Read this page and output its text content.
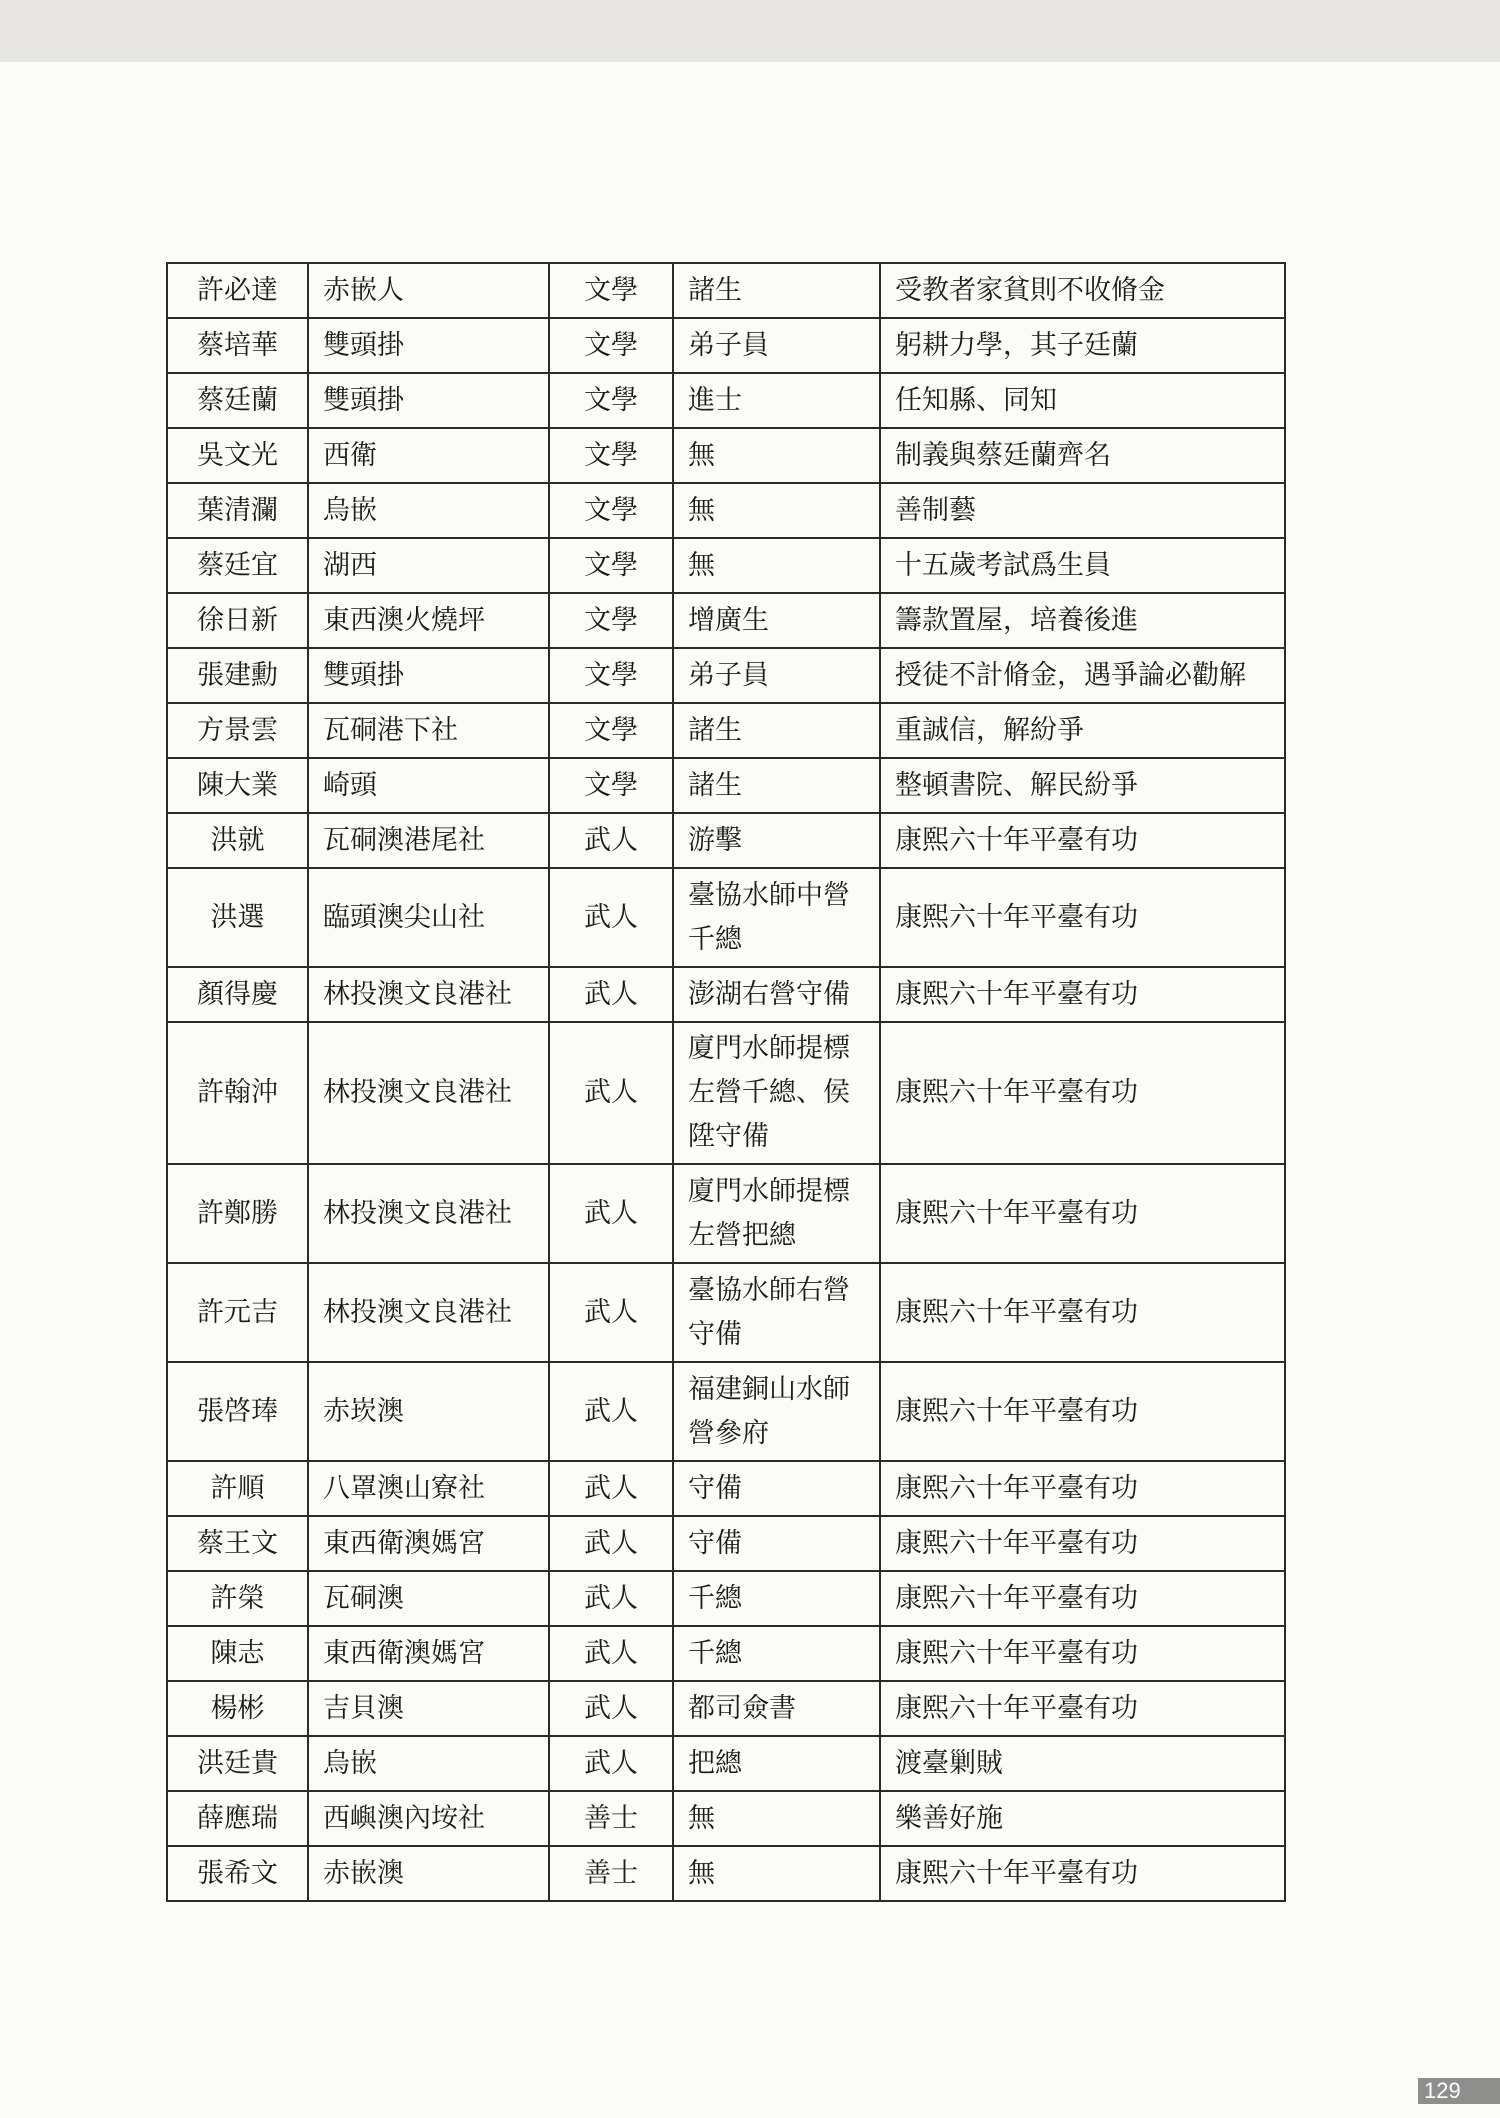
許必達	赤嵌人	文學	諸生	受教者家貧則不收脩金
蔡培華	雙頭掛	文學	弟子員	躬耕力學，其子廷蘭
蔡廷蘭	雙頭掛	文學	進士	任知縣、同知
吳文光	西衛	文學	無	制義與蔡廷蘭齊名
葉清瀾	烏嵌	文學	無	善制藝
蔡廷宜	湖西	文學	無	十五歲考試爲生員
徐日新	東西澳火燒坪	文學	增廣生	籌款置屋，培養後進
張建勳	雙頭掛	文學	弟子員	授徒不計脩金，遇爭論必勸解
方景雲	瓦硐港下社	文學	諸生	重誠信，解紛爭
陳大業	崎頭	文學	諸生	整頓書院、解民紛爭
洪就	瓦硐澳港尾社	武人	游擊	康熙六十年平臺有功
洪選	臨頭澳尖山社	武人	臺協水師中營千總	康熙六十年平臺有功
顏得慶	林投澳文良港社	武人	澎湖右營守備	康熙六十年平臺有功
許翰沖	林投澳文良港社	武人	廈門水師提標左營千總、侯陞守備	康熙六十年平臺有功
許鄭勝	林投澳文良港社	武人	廈門水師提標左營把總	康熙六十年平臺有功
許元吉	林投澳文良港社	武人	臺協水師右營守備	康熙六十年平臺有功
張啓琫	赤崁澳	武人	福建銅山水師營參府	康熙六十年平臺有功
許順	八罩澳山寮社	武人	守備	康熙六十年平臺有功
蔡王文	東西衛澳媽宮	武人	守備	康熙六十年平臺有功
許榮	瓦硐澳	武人	千總	康熙六十年平臺有功
陳志	東西衛澳媽宮	武人	千總	康熙六十年平臺有功
楊彬	吉貝澳	武人	都司僉書	康熙六十年平臺有功
洪廷貴	烏嵌	武人	把總	渡臺剿賊
薛應瑞	西嶼澳內垵社	善士	無	樂善好施
張希文	赤嵌澳	善士	無	康熙六十年平臺有功
129
